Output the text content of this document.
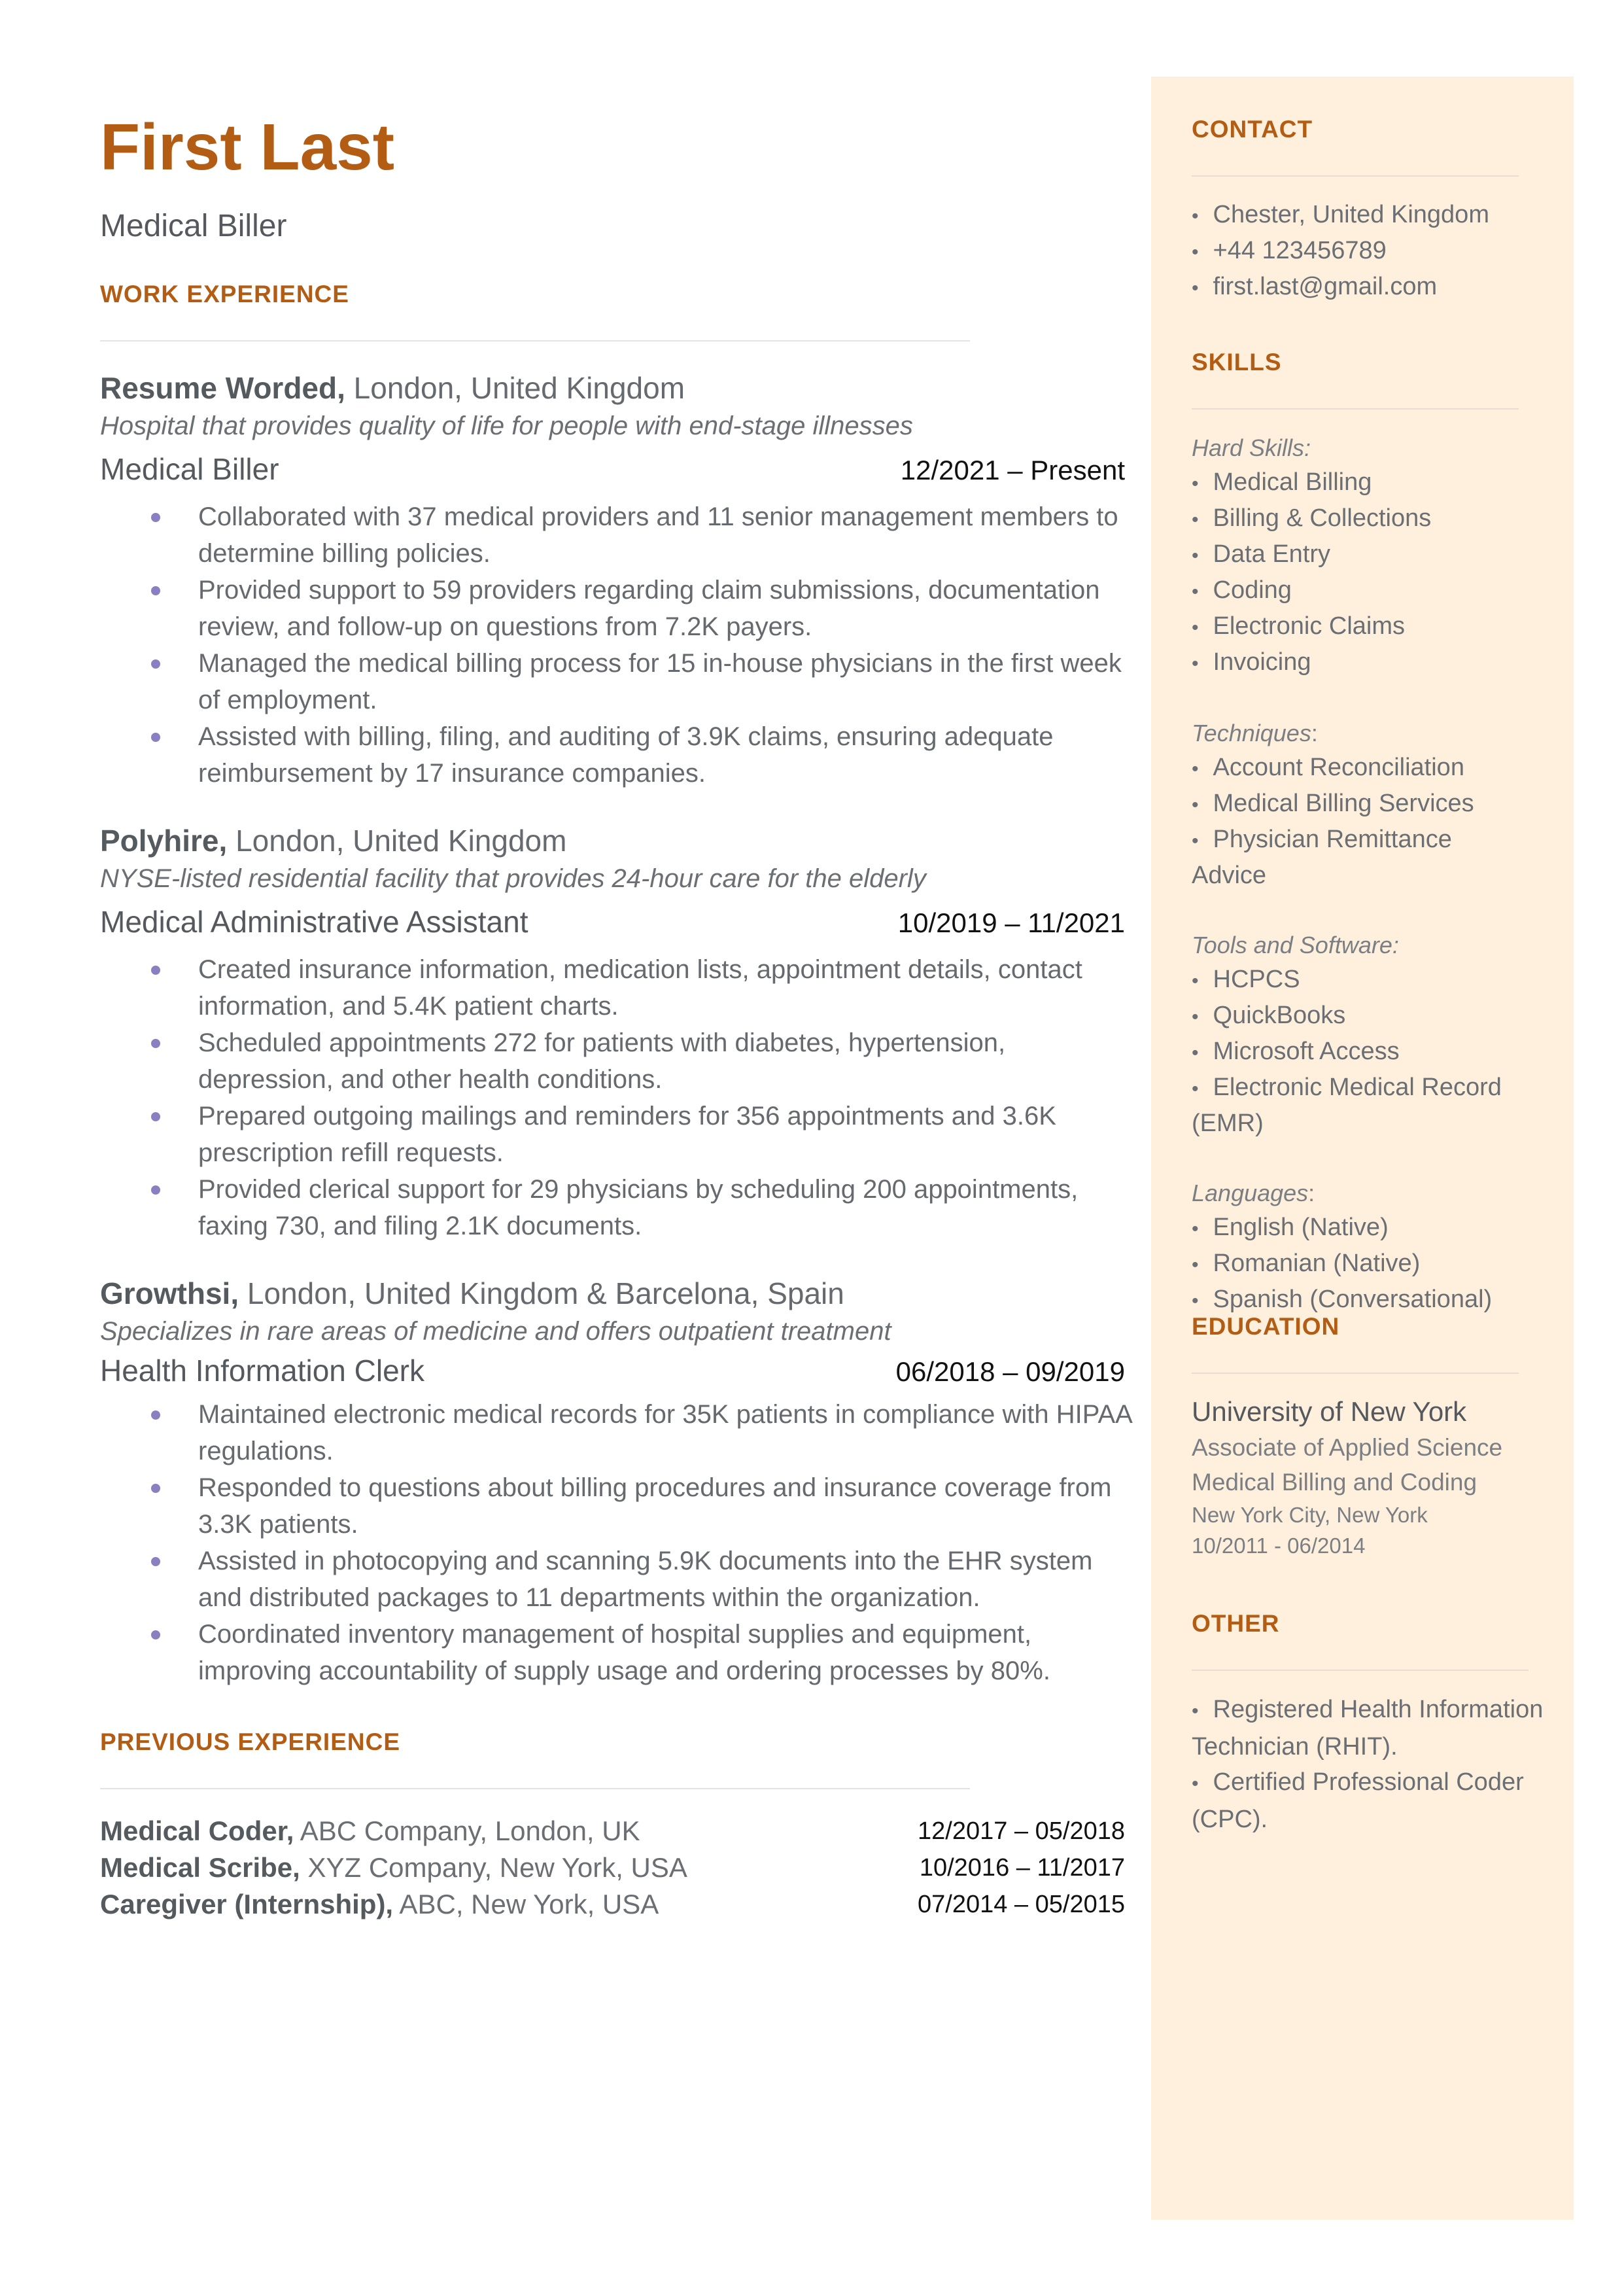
First Last
Medical Biller
WORK EXPERIENCE
Resume Worded, London, United Kingdom
Hospital that provides quality of life for people with end-stage illnesses
Medical Biller	12/2021 – Present
Collaborated with 37 medical providers and 11 senior management members to determine billing policies.
Provided support to 59 providers regarding claim submissions, documentation review, and follow-up on questions from 7.2K payers.
Managed the medical billing process for 15 in-house physicians in the first week of employment.
Assisted with billing, filing, and auditing of 3.9K claims, ensuring adequate reimbursement by 17 insurance companies.
Polyhire, London, United Kingdom
NYSE-listed residential facility that provides 24-hour care for the elderly
Medical Administrative Assistant	10/2019 – 11/2021
Created insurance information, medication lists, appointment details, contact information, and 5.4K patient charts.
Scheduled appointments 272 for patients with diabetes, hypertension, depression, and other health conditions.
Prepared outgoing mailings and reminders for 356 appointments and 3.6K prescription refill requests.
Provided clerical support for 29 physicians by scheduling 200 appointments, faxing 730, and filing 2.1K documents.
Growthsi, London, United Kingdom & Barcelona, Spain
Specializes in rare areas of medicine and offers outpatient treatment
Health Information Clerk	06/2018 – 09/2019
Maintained electronic medical records for 35K patients in compliance with HIPAA regulations.
Responded to questions about billing procedures and insurance coverage from 3.3K patients.
Assisted in photocopying and scanning 5.9K documents into the EHR system and distributed packages to 11 departments within the organization.
Coordinated inventory management of hospital supplies and equipment, improving accountability of supply usage and ordering processes by 80%.
PREVIOUS EXPERIENCE
Medical Coder, ABC Company, London, UK	12/2017 – 05/2018
Medical Scribe, XYZ Company, New York, USA	10/2016 – 11/2017
Caregiver (Internship), ABC, New York, USA	07/2014 – 05/2015
CONTACT
• Chester, United Kingdom
• +44 123456789
• first.last@gmail.com
SKILLS
Hard Skills:
• Medical Billing
• Billing & Collections
• Data Entry
• Coding
• Electronic Claims
• Invoicing
Techniques:
• Account Reconciliation
• Medical Billing Services
• Physician Remittance Advice
Tools and Software:
• HCPCS
• QuickBooks
• Microsoft Access
• Electronic Medical Record (EMR)
Languages:
• English (Native)
• Romanian (Native)
• Spanish (Conversational)
EDUCATION
University of New York
Associate of Applied Science
Medical Billing and Coding
New York City, New York
10/2011 - 06/2014
OTHER
• Registered Health Information Technician (RHIT).
• Certified Professional Coder (CPC).
